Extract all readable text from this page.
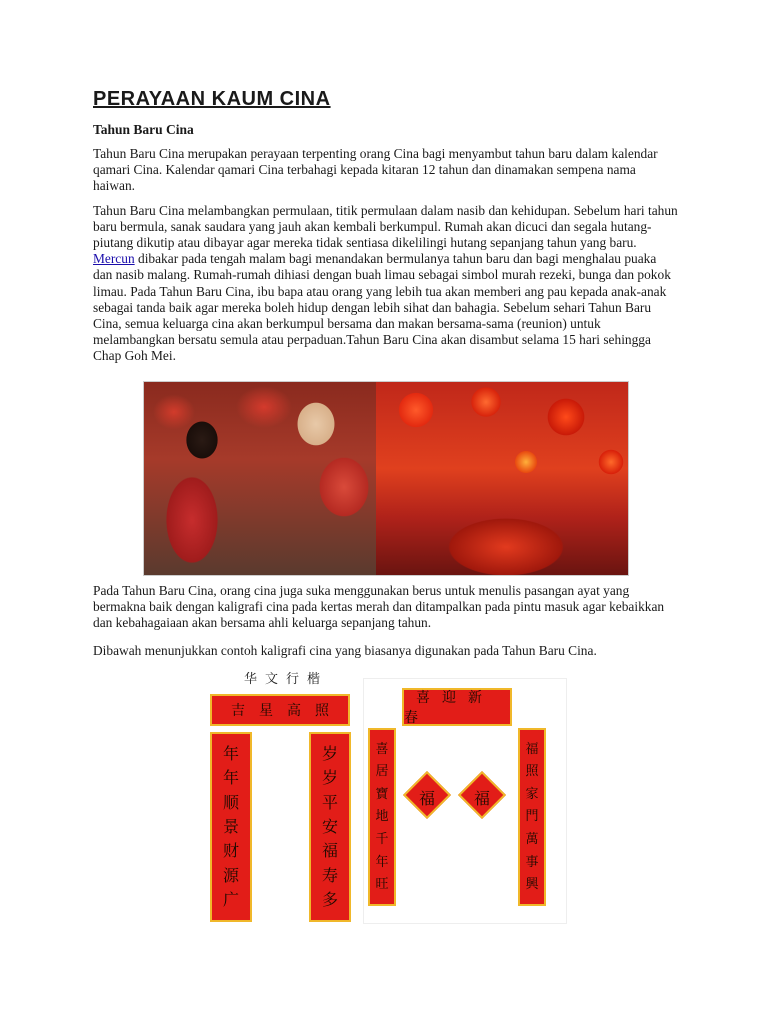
PERAYAAN KAUM CINA
Tahun Baru Cina

Tahun Baru Cina merupakan perayaan terpenting orang Cina bagi menyambut tahun baru dalam kalendar qamari Cina. Kalendar qamari Cina terbahagi kepada kitaran 12 tahun dan dinamakan sempena nama haiwan.

Tahun Baru Cina melambangkan permulaan, titik permulaan dalam nasib dan kehidupan. Sebelum hari tahun baru bermula, sanak saudara yang jauh akan kembali berkumpul. Rumah akan dicuci dan segala hutang-piutang dikutip atau dibayar agar mereka tidak sentiasa dikelilingi hutang sepanjang tahun yang baru. Mercun dibakar pada tengah malam bagi menandakan bermulanya tahun baru dan bagi menghalau puaka dan nasib malang. Rumah-rumah dihiasi dengan buah limau sebagai simbol murah rezeki, bunga dan pokok limau. Pada Tahun Baru Cina, ibu bapa atau orang yang lebih tua akan memberi ang pau kepada anak-anak sebagai tanda baik agar mereka boleh hidup dengan lebih sihat dan bahagia. Sebelum sehari Tahun Baru Cina, semua keluarga cina akan berkumpul bersama dan makan bersama-sama (reunion) untuk melambangkan bersatu semula atau perpaduan.Tahun Baru Cina akan disambut selama 15 hari sehingga Chap Goh Mei.

Pada Tahun Baru Cina, orang cina juga suka menggunakan berus untuk menulis pasangan ayat yang bermakna baik dengan kaligrafi cina pada kertas merah dan ditampalkan pada pintu masuk agar kebaikkan dan kebahagaiaan akan bersama ahli keluarga sepanjang tahun.

Dibawah menunjukkan contoh kaligrafi cina yang biasanya digunakan pada Tahun Baru Cina.

华文行楷
吉星高照
年
年
顺
景
财
源
广
岁
岁
平
安
福
寿
多
喜迎新春
喜
居
寶
地
千
年
旺
福
照
家
門
萬
事
興
福	福
